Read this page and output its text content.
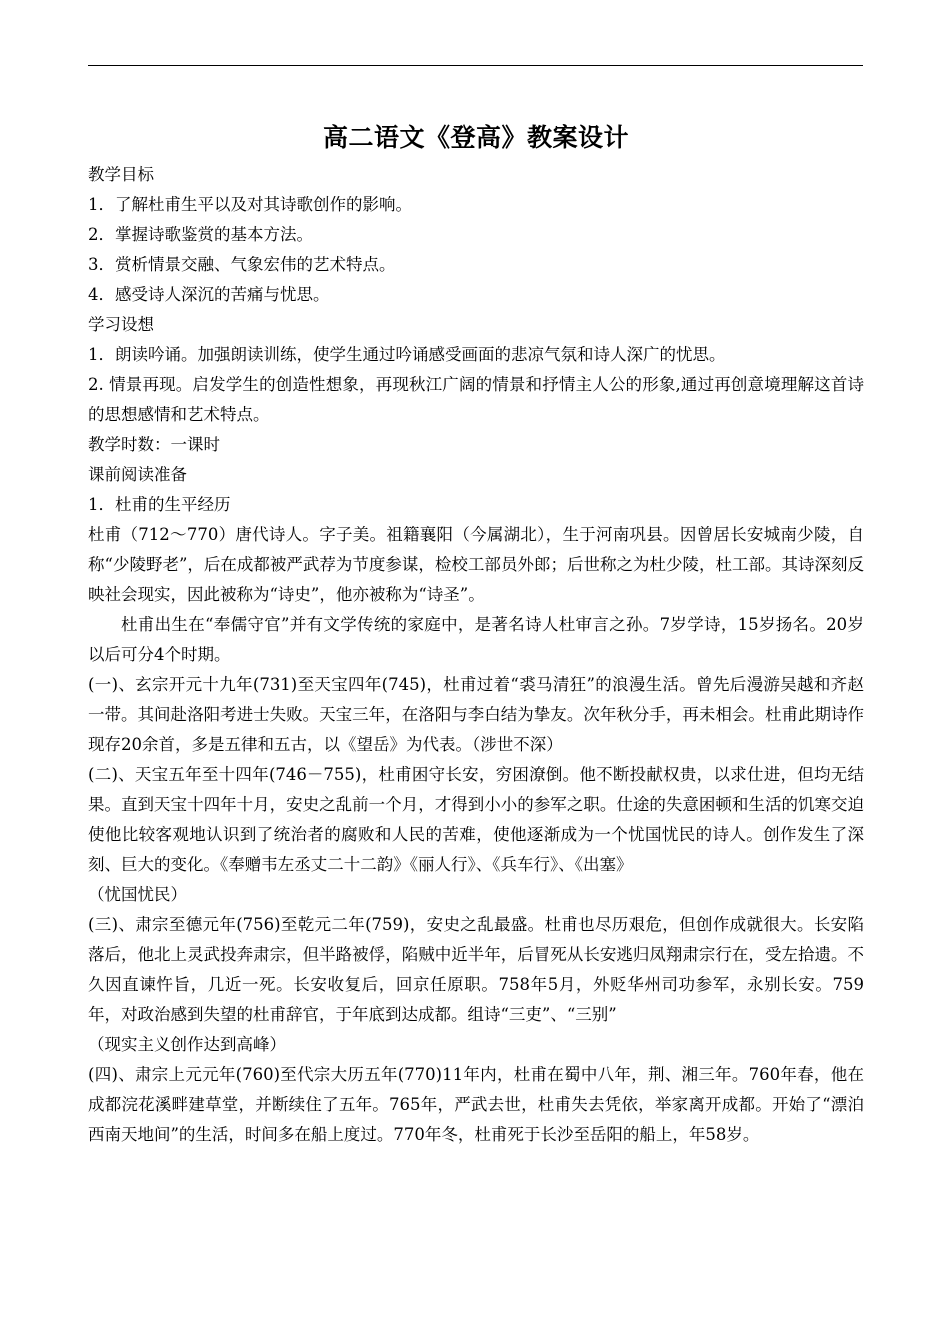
高二语文《登高》教案设计

教学目标

1．了解杜甫生平以及对其诗歌创作的影响。

2．掌握诗歌鉴赏的基本方法。

3．赏析情景交融、气象宏伟的艺术特点。

4．感受诗人深沉的苦痛与忧思。

学习设想

1．朗读吟诵。加强朗读训练，使学生通过吟诵感受画面的悲凉气氛和诗人深广的忧思。

2. 情景再现。启发学生的创造性想象，再现秋江广阔的情景和抒情主人公的形象,通过再创意境理解这首诗的思想感情和艺术特点。

教学时数：一课时

课前阅读准备

1．杜甫的生平经历

杜甫（712～770）唐代诗人。字子美。祖籍襄阳（今属湖北），生于河南巩县。因曾居长安城南少陵，自称“少陵野老”，后在成都被严武荐为节度参谋，检校工部员外郎；后世称之为杜少陵，杜工部。其诗深刻反映社会现实，因此被称为“诗史”，他亦被称为“诗圣”。

杜甫出生在“奉儒守官”并有文学传统的家庭中，是著名诗人杜审言之孙。7岁学诗，15岁扬名。20岁以后可分4个时期。

(一)、玄宗开元十九年(731)至天宝四年(745)，杜甫过着“裘马清狂”的浪漫生活。曾先后漫游吴越和齐赵一带。其间赴洛阳考进士失败。天宝三年，在洛阳与李白结为挚友。次年秋分手，再未相会。杜甫此期诗作现存20余首，多是五律和五古，以《望岳》为代表。（涉世不深）

(二)、天宝五年至十四年(746－755)，杜甫困守长安，穷困潦倒。他不断投献权贵，以求仕进，但均无结果。直到天宝十四年十月，安史之乱前一个月，才得到小小的参军之职。仕途的失意困顿和生活的饥寒交迫使他比较客观地认识到了统治者的腐败和人民的苦难，使他逐渐成为一个忧国忧民的诗人。创作发生了深刻、巨大的变化。《奉赠韦左丞丈二十二韵》《丽人行》、《兵车行》、《出塞》

（忧国忧民）

(三)、肃宗至德元年(756)至乾元二年(759)，安史之乱最盛。杜甫也尽历艰危，但创作成就很大。长安陷落后，他北上灵武投奔肃宗，但半路被俘，陷贼中近半年，后冒死从长安逃归凤翔肃宗行在，受左拾遗。不久因直谏忤旨，几近一死。长安收复后，回京任原职。758年5月，外贬华州司功参军，永别长安。759年，对政治感到失望的杜甫辞官，于年底到达成都。组诗“三吏”、“三别”

（现实主义创作达到高峰）

(四)、肃宗上元元年(760)至代宗大历五年(770)11年内，杜甫在蜀中八年，荆、湘三年。760年春，他在成都浣花溪畔建草堂，并断续住了五年。765年，严武去世，杜甫失去凭依，举家离开成都。开始了“漂泊西南天地间”的生活，时间多在船上度过。770年冬，杜甫死于长沙至岳阳的船上，年58岁。
